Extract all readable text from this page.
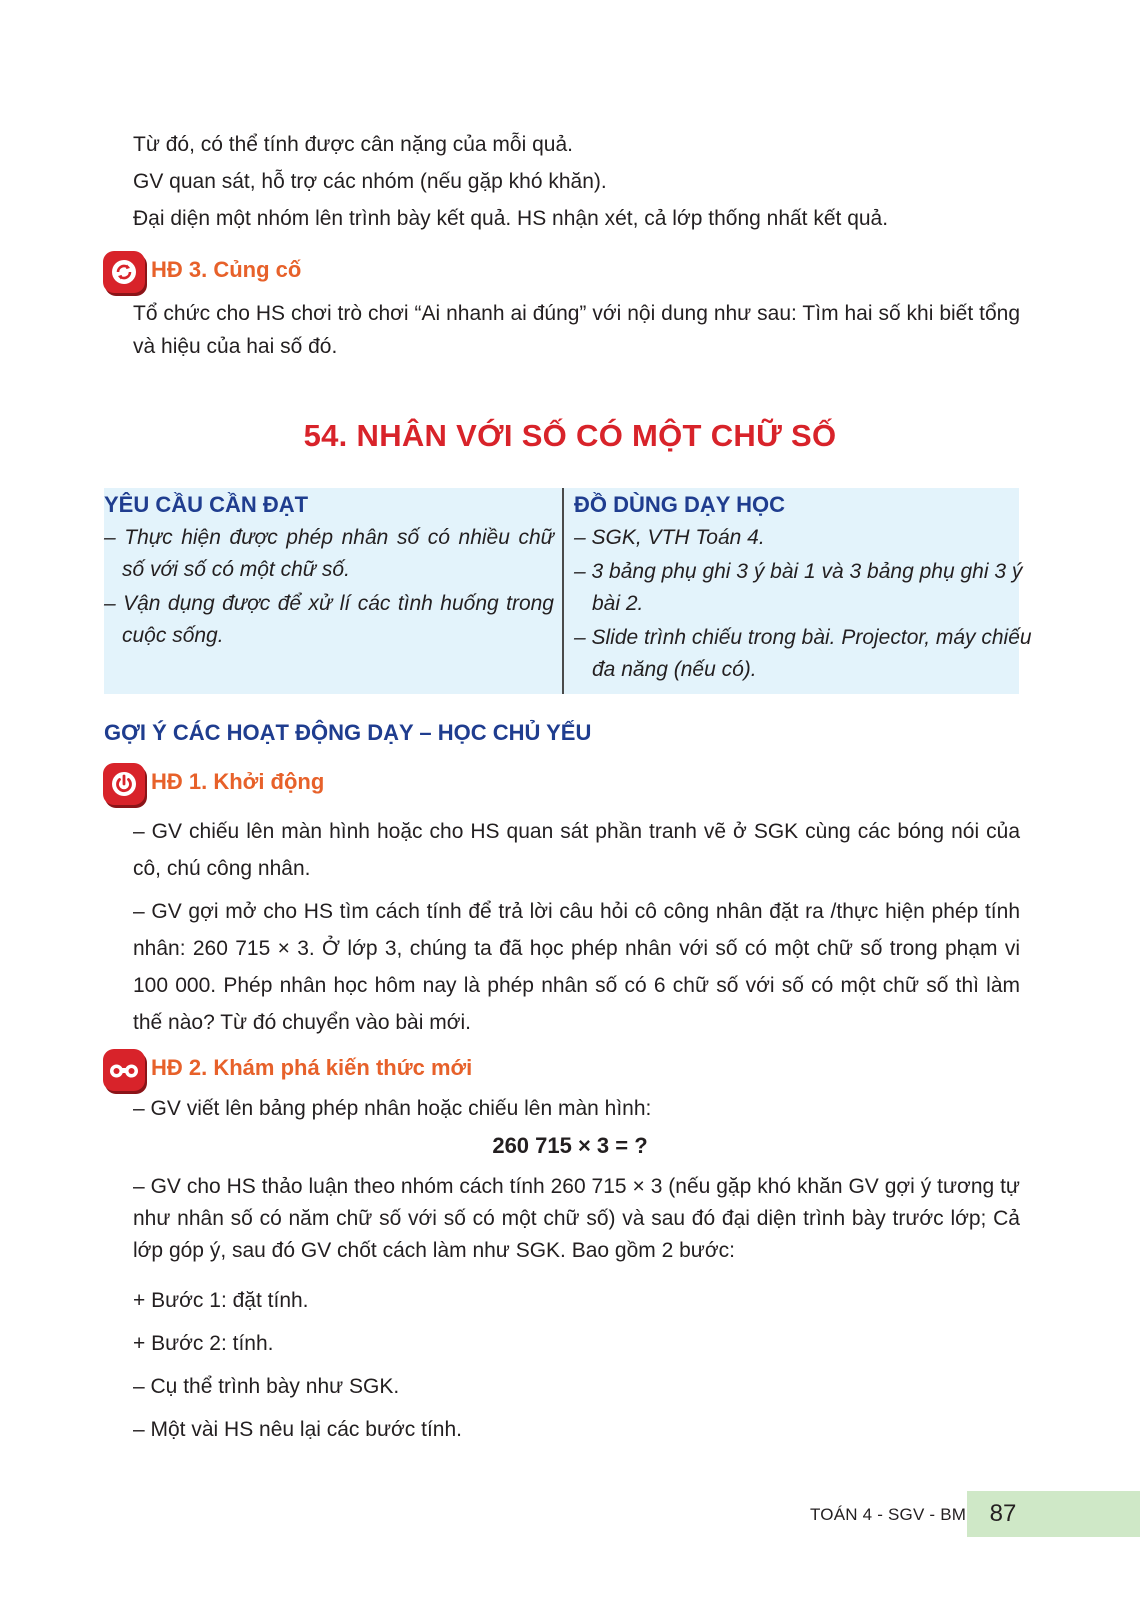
Từ đó, có thể tính được cân nặng của mỗi quả.

GV quan sát, hỗ trợ các nhóm (nếu gặp khó khăn).

Đại diện một nhóm lên trình bày kết quả. HS nhận xét, cả lớp thống nhất kết quả.

HĐ 3. Củng cố

Tổ chức cho HS chơi trò chơi “Ai nhanh ai đúng” với nội dung như sau: Tìm hai số khi biết tổng và hiệu của hai số đó.

54. NHÂN VỚI SỐ CÓ MỘT CHỮ SỐ
YÊU CẦU CẦN ĐẠT

– Thực hiện được phép nhân số có nhiều chữ số với số có một chữ số.

– Vận dụng được để xử lí các tình huống trong cuộc sống.

ĐỒ DÙNG DẠY HỌC

– SGK, VTH Toán 4.

– 3 bảng phụ ghi 3 ý bài 1 và 3 bảng phụ ghi 3 ý bài 2.

– Slide trình chiếu trong bài. Projector, máy chiếu đa năng (nếu có).

GỢI Ý CÁC HOẠT ĐỘNG DẠY – HỌC CHỦ YẾU
HĐ 1. Khởi động

– GV chiếu lên màn hình hoặc cho HS quan sát phần tranh vẽ ở SGK cùng các bóng nói của cô, chú công nhân.

– GV gợi mở cho HS tìm cách tính để trả lời câu hỏi cô công nhân đặt ra /thực hiện phép tính nhân: 260 715 × 3. Ở lớp 3, chúng ta đã học phép nhân với số có một chữ số trong phạm vi 100 000. Phép nhân học hôm nay là phép nhân số có 6 chữ số với số có một chữ số thì làm thế nào? Từ đó chuyển vào bài mới.

HĐ 2. Khám phá kiến thức mới

– GV viết lên bảng phép nhân hoặc chiếu lên màn hình:

260 715 × 3 = ?

– GV cho HS thảo luận theo nhóm cách tính 260 715 × 3 (nếu gặp khó khăn GV gợi ý tương tự như nhân số có năm chữ số với số có một chữ số) và sau đó đại diện trình bày trước lớp; Cả lớp góp ý, sau đó GV chốt cách làm như SGK. Bao gồm 2 bước:

+ Bước 1: đặt tính.

+ Bước 2: tính.

– Cụ thể trình bày như SGK.

– Một vài HS nêu lại các bước tính.

TOÁN 4 - SGV - BM 87
